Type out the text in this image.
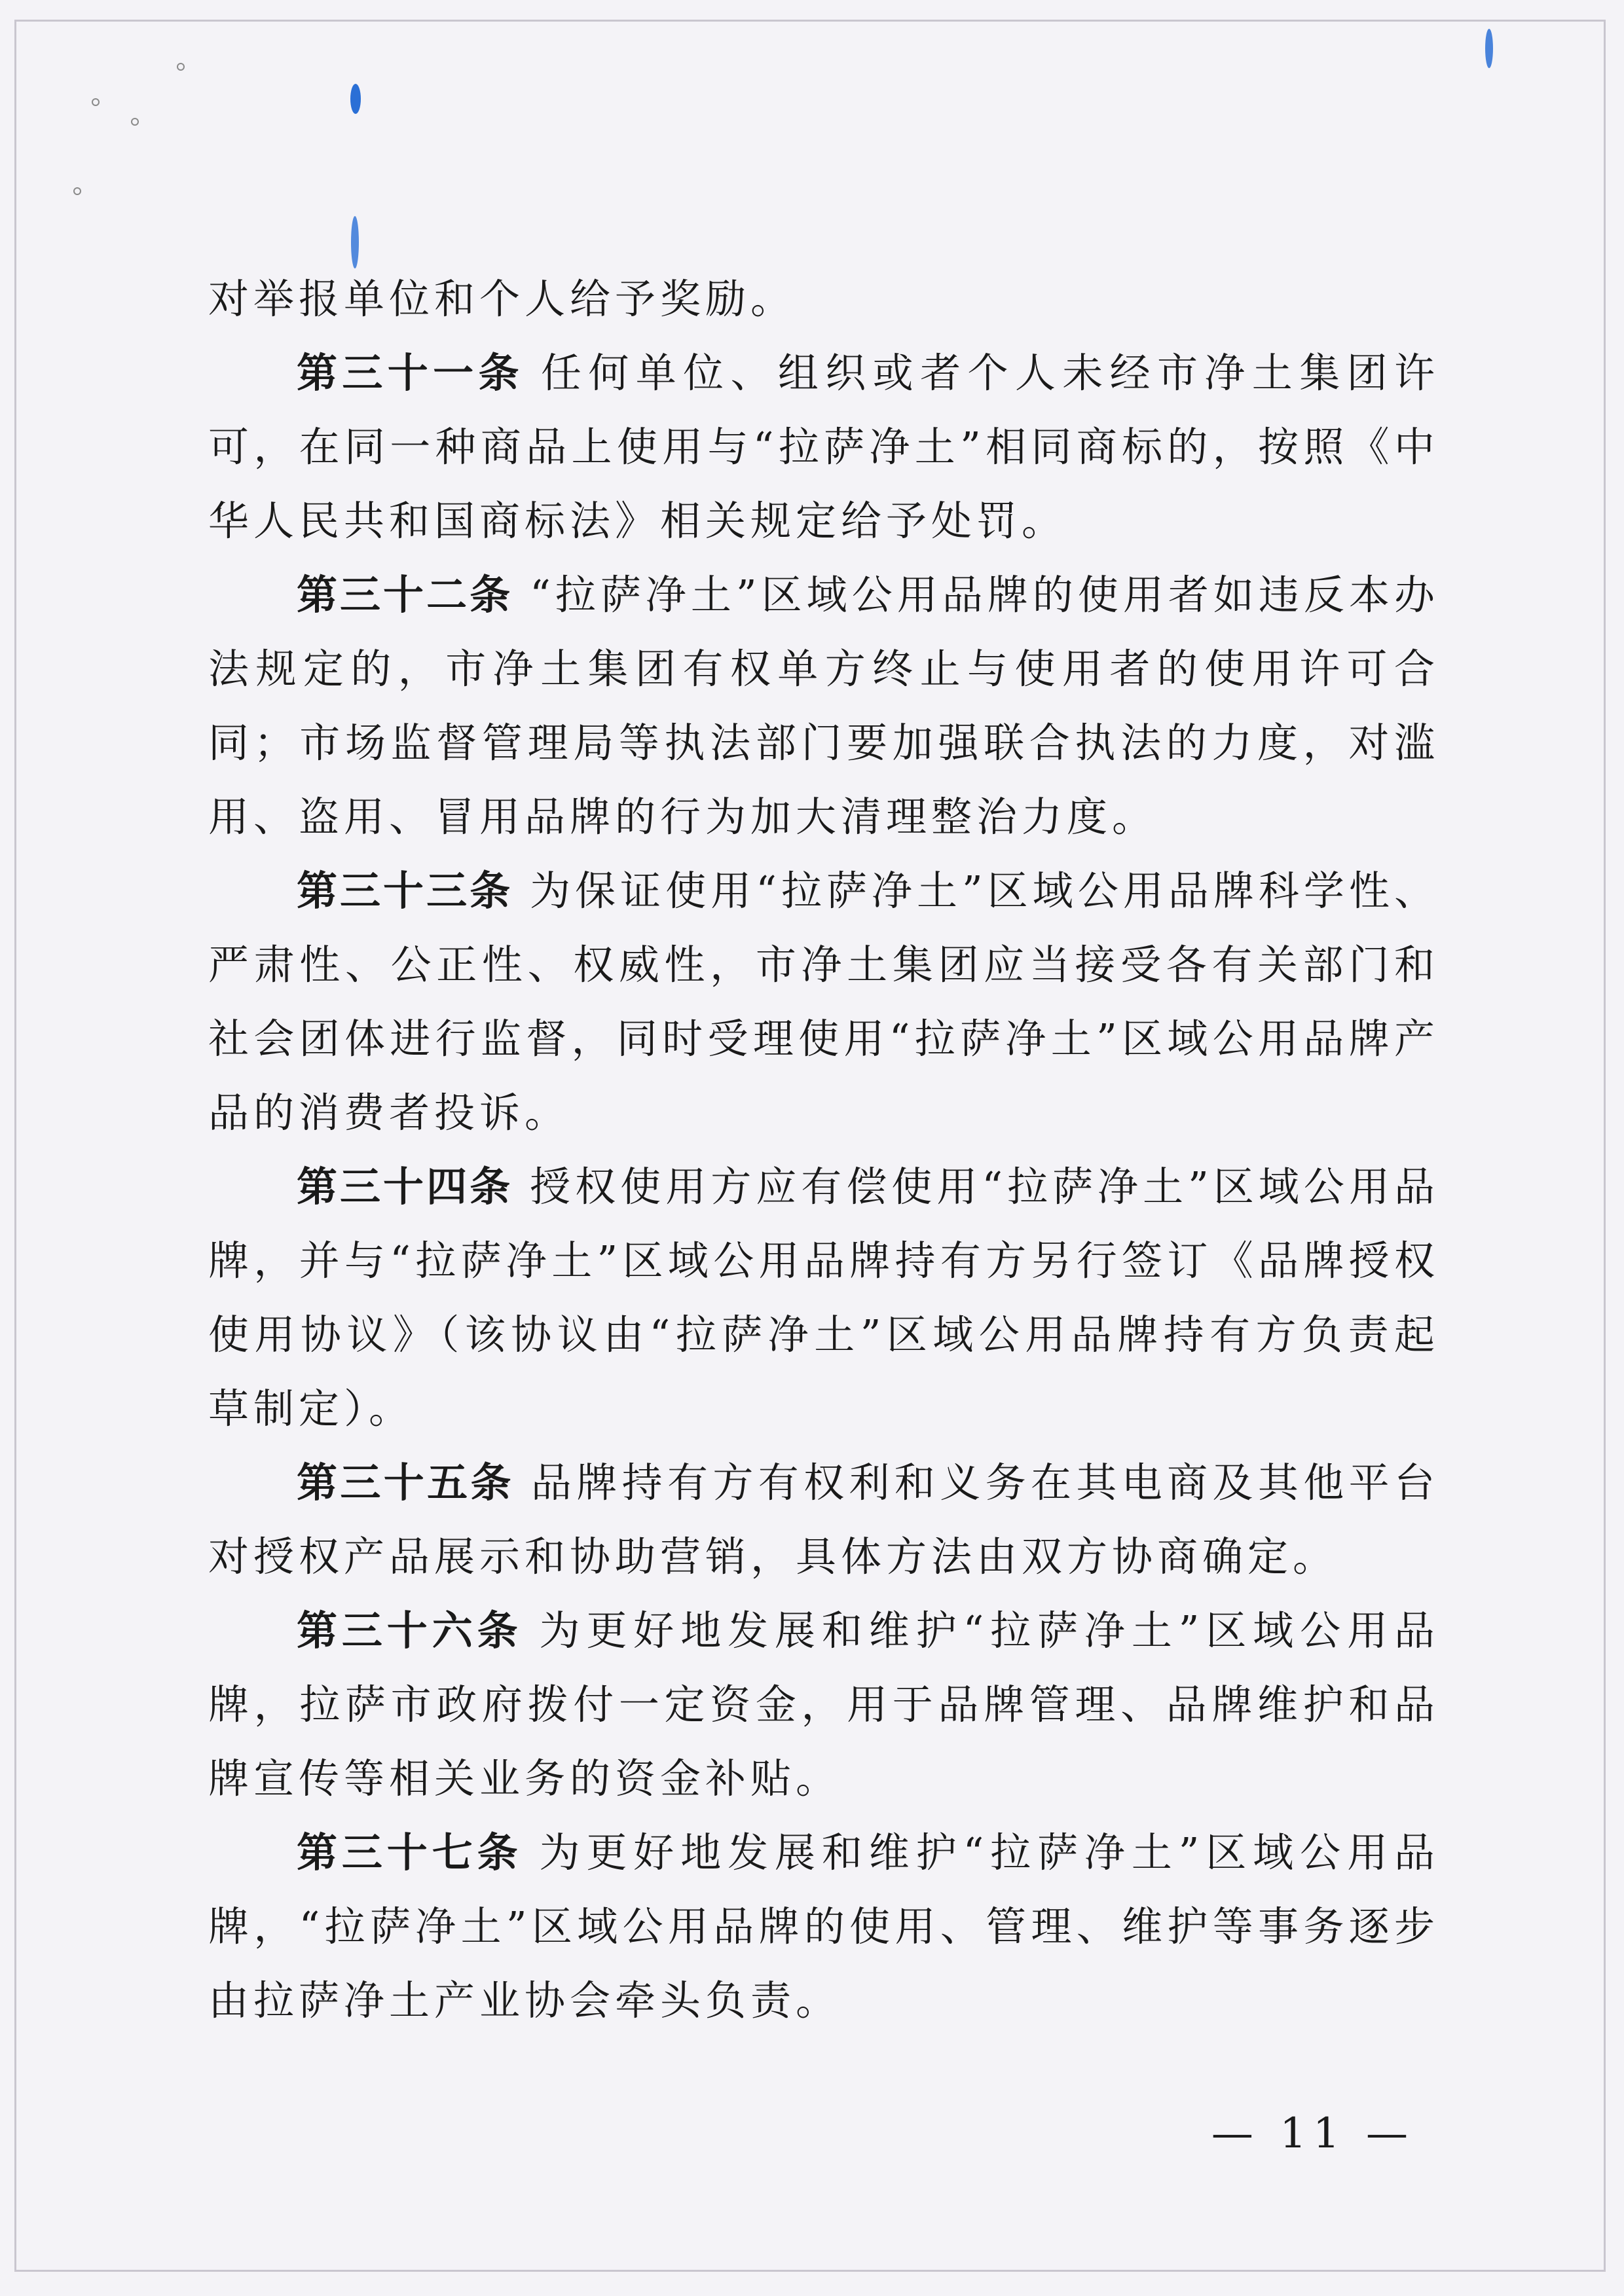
对举报单位和个人给予奖励。

第三十一条 任何单位、组织或者个人未经市净土集团许可，在同一种商品上使用与“拉萨净土”相同商标的，按照《中华人民共和国商标法》相关规定给予处罚。

第三十二条 “拉萨净土”区域公用品牌的使用者如违反本办法规定的，市净土集团有权单方终止与使用者的使用许可合同；市场监督管理局等执法部门要加强联合执法的力度，对滥用、盗用、冒用品牌的行为加大清理整治力度。

第三十三条 为保证使用“拉萨净土”区域公用品牌科学性、严肃性、公正性、权威性，市净土集团应当接受各有关部门和社会团体进行监督，同时受理使用“拉萨净土”区域公用品牌产品的消费者投诉。

第三十四条 授权使用方应有偿使用“拉萨净土”区域公用品牌，并与“拉萨净土”区域公用品牌持有方另行签订《品牌授权使用协议》（该协议由“拉萨净土”区域公用品牌持有方负责起草制定）。

第三十五条 品牌持有方有权利和义务在其电商及其他平台对授权产品展示和协助营销，具体方法由双方协商确定。

第三十六条 为更好地发展和维护“拉萨净土”区域公用品牌，拉萨市政府拨付一定资金，用于品牌管理、品牌维护和品牌宣传等相关业务的资金补贴。

第三十七条 为更好地发展和维护“拉萨净土”区域公用品牌，“拉萨净土”区域公用品牌的使用、管理、维护等事务逐步由拉萨净土产业协会牵头负责。

— 11 —
